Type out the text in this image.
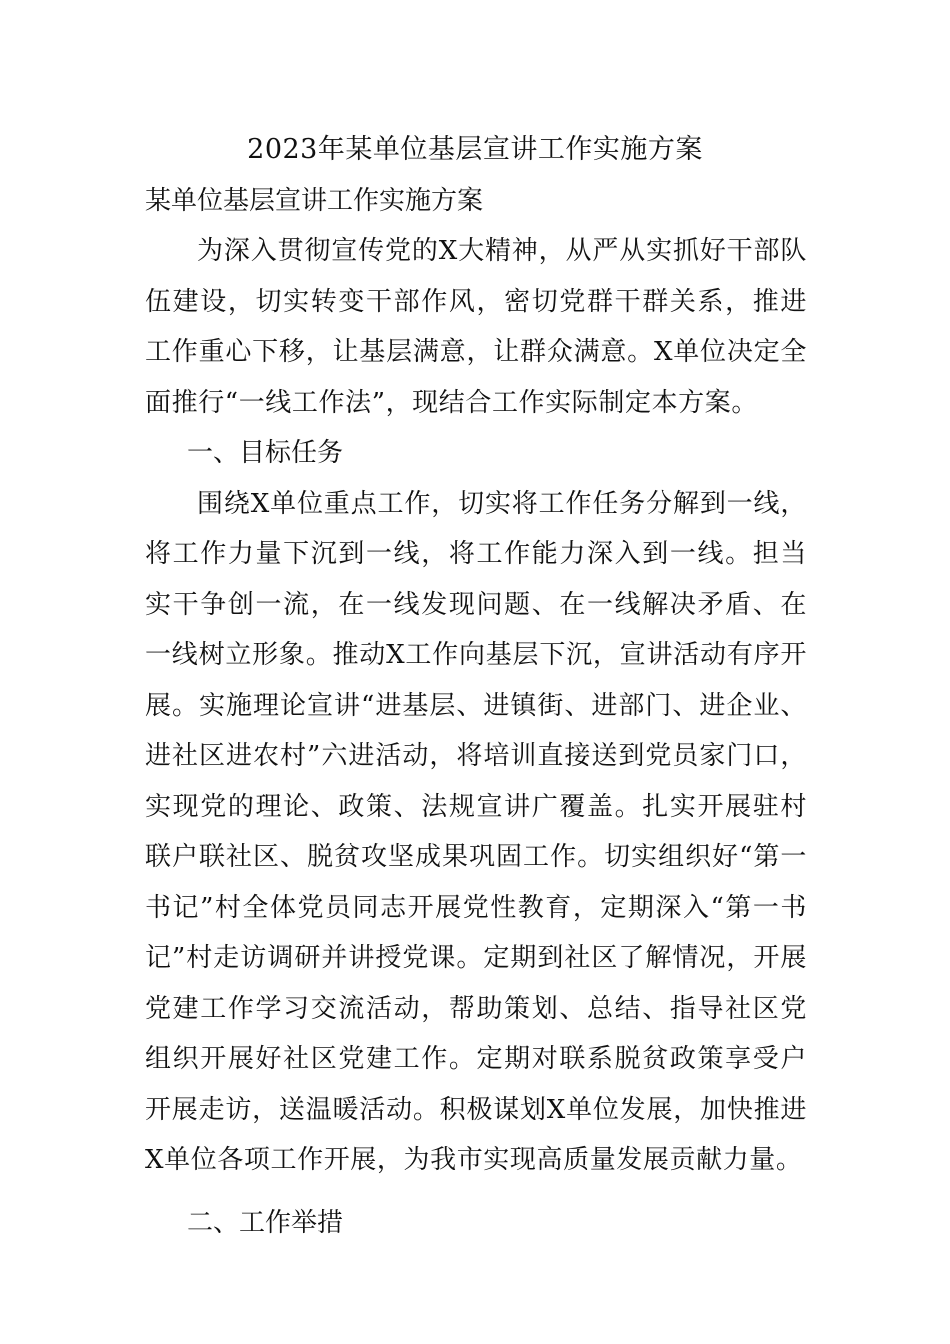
2023年某单位基层宣讲工作实施方案

某单位基层宣讲工作实施方案

为深入贯彻宣传党的X大精神，从严从实抓好干部队伍建设，切实转变干部作风，密切党群干群关系，推进工作重心下移，让基层满意，让群众满意。X单位决定全面推行“一线工作法”，现结合工作实际制定本方案。

一、目标任务

围绕X单位重点工作，切实将工作任务分解到一线，将工作力量下沉到一线，将工作能力深入到一线。担当实干争创一流，在一线发现问题、在一线解决矛盾、在一线树立形象。推动X工作向基层下沉，宣讲活动有序开展。实施理论宣讲“进基层、进镇街、进部门、进企业、进社区进农村”六进活动，将培训直接送到党员家门口，实现党的理论、政策、法规宣讲广覆盖。扎实开展驻村联户联社区、脱贫攻坚成果巩固工作。切实组织好“第一书记”村全体党员同志开展党性教育，定期深入“第一书记”村走访调研并讲授党课。定期到社区了解情况，开展党建工作学习交流活动，帮助策划、总结、指导社区党组织开展好社区党建工作。定期对联系脱贫政策享受户开展走访，送温暖活动。积极谋划X单位发展，加快推进X单位各项工作开展，为我市实现高质量发展贡献力量。

二、工作举措
